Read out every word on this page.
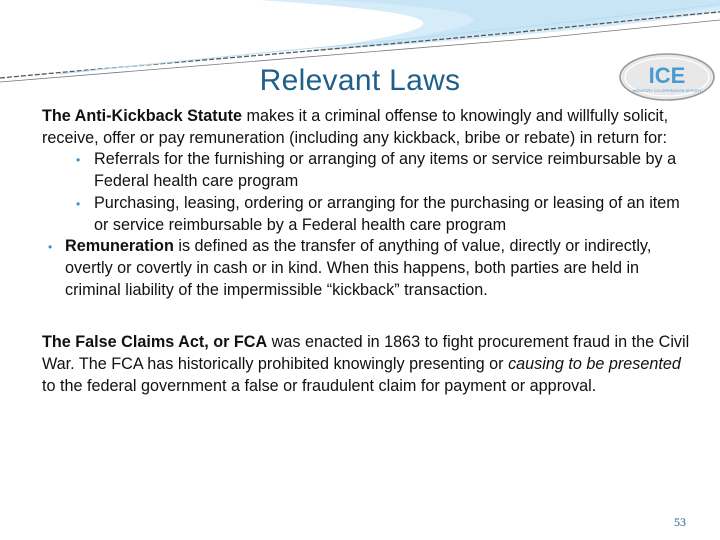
Relevant Laws	ICE
INDUSTRY CO-OPERATION EFFORT

The Anti-Kickback Statute makes it a criminal offense to knowingly and willfully solicit, receive, offer or pay remuneration (including any kickback, bribe or rebate) in return for:

• Referrals for the furnishing or arranging of any items or service reimbursable by a Federal health care program
• Purchasing, leasing, ordering or arranging for the purchasing or leasing of an item or service reimbursable by a Federal health care program
• Remuneration is defined as the transfer of anything of value, directly or indirectly, overtly or covertly in cash or in kind. When this happens, both parties are held in criminal liability of the impermissible “kickback” transaction.

The False Claims Act, or FCA was enacted in 1863 to fight procurement fraud in the Civil War. The FCA has historically prohibited knowingly presenting or causing to be presented to the federal government a false or fraudulent claim for payment or approval.

53
